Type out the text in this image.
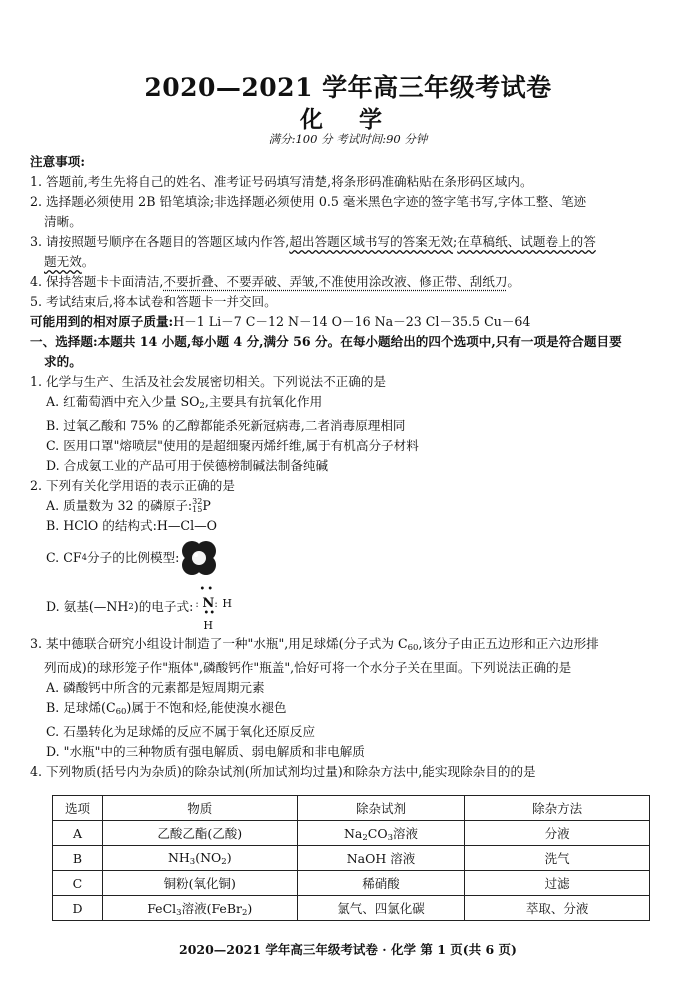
2020—2021 学年高三年级考试卷
化 学
满分:100 分 考试时间:90 分钟
注意事项:
1. 答题前,考生先将自己的姓名、准考证号码填写清楚,将条形码准确粘贴在条形码区域内。
2. 选择题必须使用 2B 铅笔填涂;非选择题必须使用 0.5 毫米黑色字迹的签字笔书写,字体工整、笔迹
清晰。
3. 请按照题号顺序在各题目的答题区域内作答,超出答题区域书写的答案无效;在草稿纸、试题卷上的答
题无效。
4. 保持答题卡卡面清洁,不要折叠、不要弄破、弄皱,不准使用涂改液、修正带、刮纸刀。
5. 考试结束后,将本试卷和答题卡一并交回。
可能用到的相对原子质量:H－1 Li－7 C－12 N－14 O－16 Na－23 Cl－35.5 Cu－64
一、选择题:本题共 14 小题,每小题 4 分,满分 56 分。在每小题给出的四个选项中,只有一项是符合题目要
求的。
1. 化学与生产、生活及社会发展密切相关。下列说法不正确的是
A. 红葡萄酒中充入少量 $SO_2$,主要具有抗氧化作用
B. 过氧乙酸和 75% 的乙醇都能杀死新冠病毒,二者消毒原理相同
C. 医用口罩"熔喷层"使用的是超细聚丙烯纤维,属于有机高分子材料
D. 合成氨工业的产品可用于侯德榜制碱法制备纯碱
2. 下列有关化学用语的表示正确的是
A. 质量数为 32 的磷原子:32
15P
B. HClO 的结构式:H—Cl—O
C. CF 4 分子的比例模型:
D. 氨基(—NH 2 )的电子式:
••
: N : H
••
H
3. 某中德联合研究小组设计制造了一种"水瓶",用足球烯(分子式为 $C_{60}$,该分子由正五边形和正六边形排
列而成)的球形笼子作"瓶体",磷酸钙作"瓶盖",恰好可将一个水分子关在里面。下列说法正确的是
A. 磷酸钙中所含的元素都是短周期元素
B. 足球烯$(C_{60})$属于不饱和烃,能使溴水褪色
C. 石墨转化为足球烯的反应不属于氧化还原反应
D. "水瓶"中的三种物质有强电解质、弱电解质和非电解质
4. 下列物质(括号内为杂质)的除杂试剂(所加试剂均过量)和除杂方法中,能实现除杂目的的是
选项	物质	除杂试剂	除杂方法
A	乙酸乙酯(乙酸)	$Na_2CO_3$溶液	分液
B	$NH_3(NO_2)$	NaOH 溶液	洗气
C	铜粉(氧化铜)	稀硝酸	过滤
D	FeCl$_3$溶液(FeBr$_2$)	氯气、四氯化碳	萃取、分液
2020—2021 学年高三年级考试卷 · 化学 第 1 页(共 6 页)
